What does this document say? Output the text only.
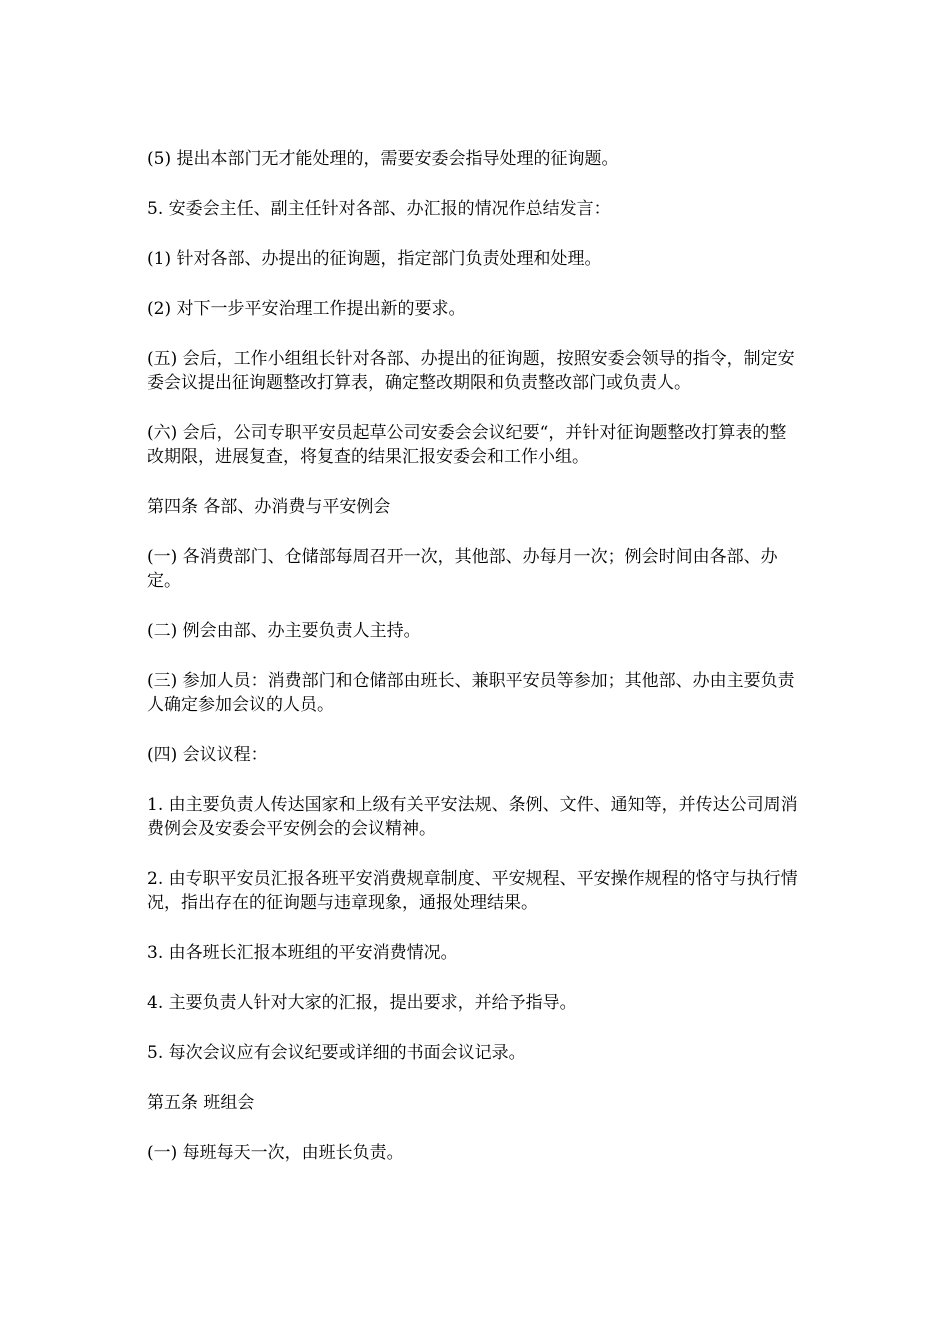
(5) 提出本部门无才能处理的，需要安委会指导处理的征询题。

5. 安委会主任、副主任针对各部、办汇报的情况作总结发言：

(1) 针对各部、办提出的征询题，指定部门负责处理和处理。

(2) 对下一步平安治理工作提出新的要求。

(五) 会后，工作小组组长针对各部、办提出的征询题，按照安委会领导的指令，制定安委会议提出征询题整改打算表，确定整改期限和负责整改部门或负责人。

(六) 会后，公司专职平安员起草公司安委会会议纪要“，并针对征询题整改打算表的整改期限，进展复查，将复查的结果汇报安委会和工作小组。

第四条 各部、办消费与平安例会

(一) 各消费部门、仓储部每周召开一次，其他部、办每月一次；例会时间由各部、办定。

(二) 例会由部、办主要负责人主持。

(三) 参加人员：消费部门和仓储部由班长、兼职平安员等参加；其他部、办由主要负责人确定参加会议的人员。

(四) 会议议程：

1. 由主要负责人传达国家和上级有关平安法规、条例、文件、通知等，并传达公司周消费例会及安委会平安例会的会议精神。

2. 由专职平安员汇报各班平安消费规章制度、平安规程、平安操作规程的恪守与执行情况，指出存在的征询题与违章现象，通报处理结果。

3. 由各班长汇报本班组的平安消费情况。

4. 主要负责人针对大家的汇报，提出要求，并给予指导。

5. 每次会议应有会议纪要或详细的书面会议记录。

第五条 班组会

(一) 每班每天一次，由班长负责。
